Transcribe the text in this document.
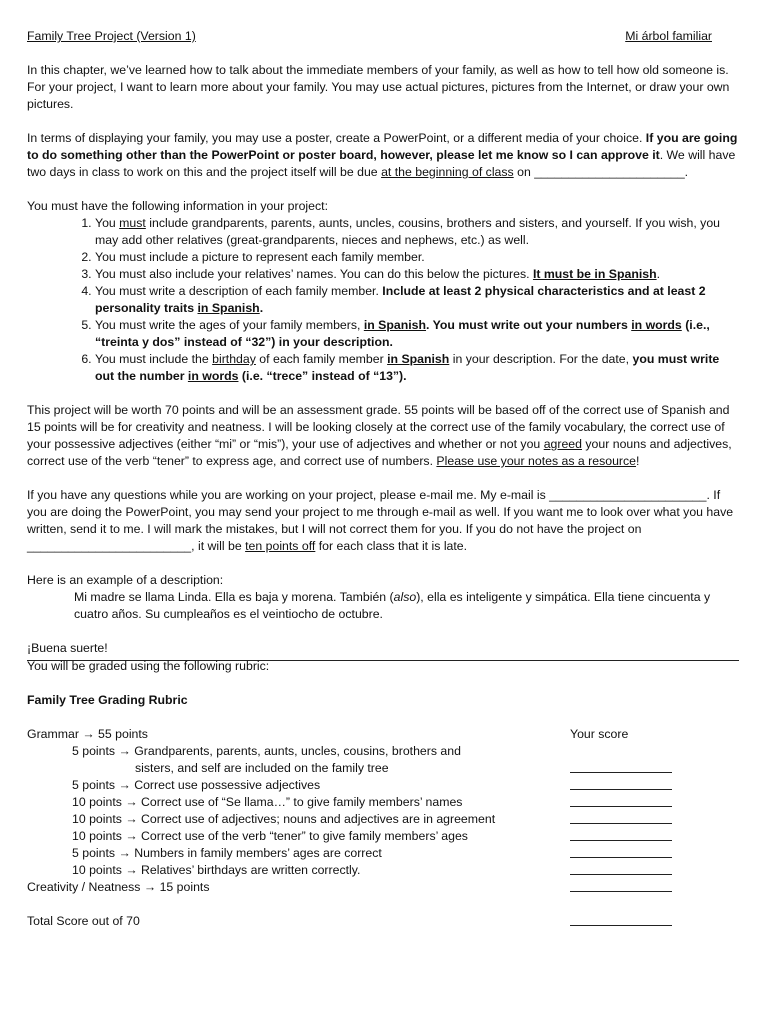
Family Tree Project (Version 1)	Mi árbol familiar

In this chapter, we’ve learned how to talk about the immediate members of your family, as well as how to tell how old someone is. For your project, I want to learn more about your family. You may use actual pictures, pictures from the Internet, or draw your own pictures.

In terms of displaying your family, you may use a poster, create a PowerPoint, or a different media of your choice. If you are going to do something other than the PowerPoint or poster board, however, please let me know so I can approve it. We will have two days in class to work on this and the project itself will be due at the beginning of class on ______________________.

You must have the following information in your project:

1. You must include grandparents, parents, aunts, uncles, cousins, brothers and sisters, and yourself. If you wish, you may add other relatives (great-grandparents, nieces and nephews, etc.) as well.
2. You must include a picture to represent each family member.
3. You must also include your relatives’ names. You can do this below the pictures. It must be in Spanish.
4. You must write a description of each family member. Include at least 2 physical characteristics and at least 2 personality traits in Spanish.
5. You must write the ages of your family members, in Spanish. You must write out your numbers in words (i.e., “treinta y dos” instead of “32”) in your description.
6. You must include the birthday of each family member in Spanish in your description. For the date, you must write out the number in words (i.e. “trece” instead of “13”).

This project will be worth 70 points and will be an assessment grade. 55 points will be based off of the correct use of Spanish and 15 points will be for creativity and neatness. I will be looking closely at the correct use of the family vocabulary, the correct use of your possessive adjectives (either “mi” or “mis”), your use of adjectives and whether or not you agreed your nouns and adjectives, correct use of the verb “tener” to express age, and correct use of numbers. Please use your notes as a resource!

If you have any questions while you are working on your project, please e-mail me. My e-mail is _______________________. If you are doing the PowerPoint, you may send your project to me through e-mail as well. If you want me to look over what you have written, send it to me. I will mark the mistakes, but I will not correct them for you. If you do not have the project on ________________________, it will be ten points off for each class that it is late.

Here is an example of a description:

Mi madre se llama Linda. Ella es baja y morena. También (also), ella es inteligente y simpática. Ella tiene cincuenta y cuatro años. Su cumpleaños es el veintiocho de octubre.

¡Buena suerte!

You will be graded using the following rubric:

Family Tree Grading Rubric

Grammar → 55 points	Your score
5 points → Grandparents, parents, aunts, uncles, cousins, brothers and
sisters, and self are included on the family tree
5 points → Correct use possessive adjectives
10 points → Correct use of “Se llama…” to give family members’ names
10 points → Correct use of adjectives; nouns and adjectives are in agreement
10 points → Correct use of the verb “tener” to give family members’ ages
5 points → Numbers in family members’ ages are correct
10 points → Relatives’ birthdays are written correctly.
Creativity / Neatness → 15 points
Total Score out of 70
